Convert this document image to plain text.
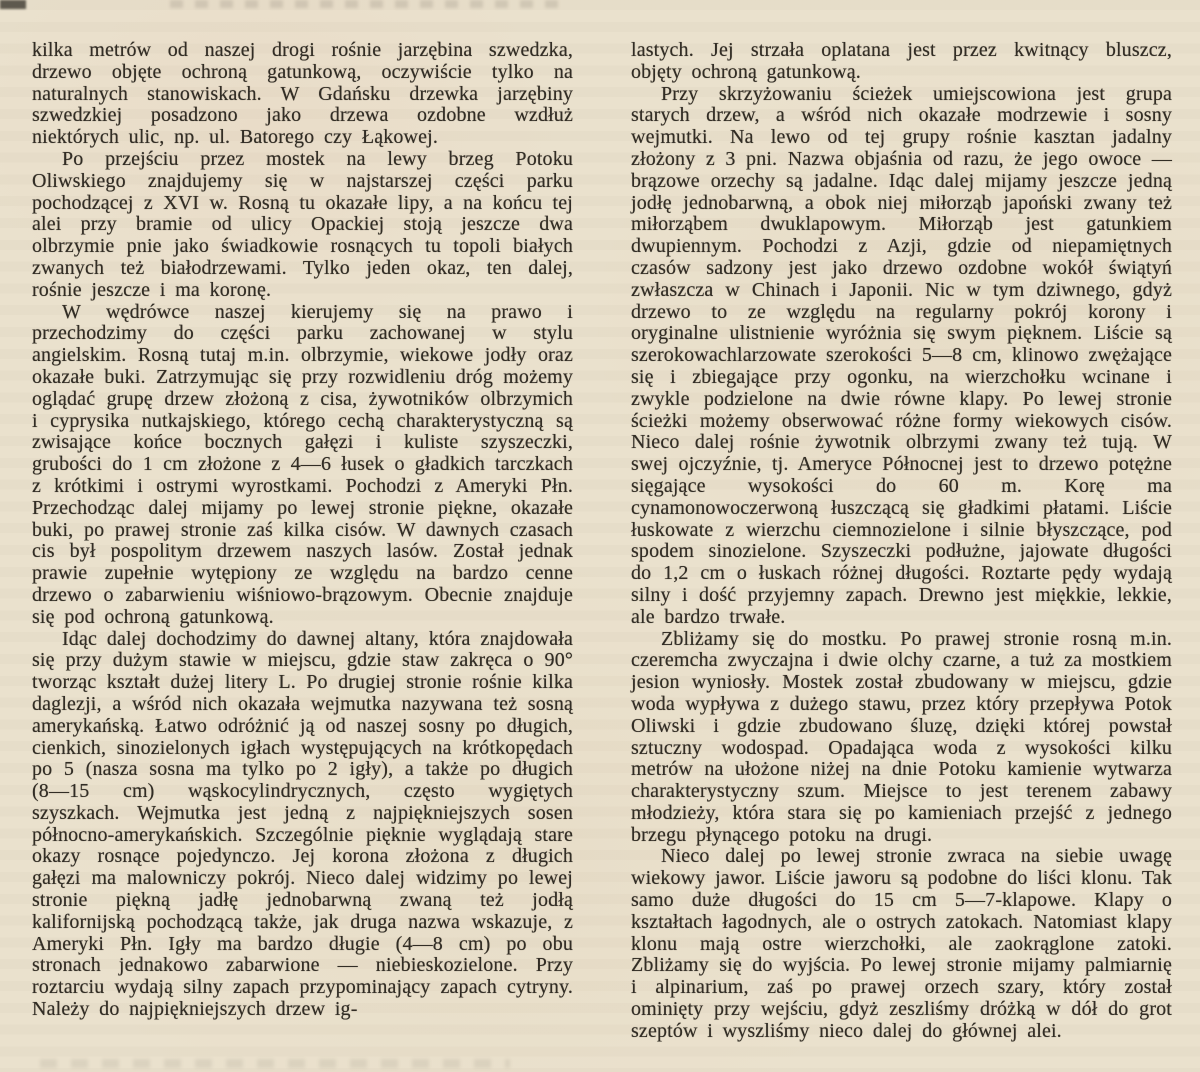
kilka metrów od naszej drogi rośnie jarzębina szwedzka, drzewo objęte ochroną gatunkową, oczywiście tylko na naturalnych stanowiskach. W Gdańsku drzewka jarzębiny szwedzkiej posadzono jako drzewa ozdobne wzdłuż niektórych ulic, np. ul. Batorego czy Łąkowej.

Po przejściu przez mostek na lewy brzeg Potoku Oliwskiego znajdujemy się w najstarszej części parku pochodzącej z XVI w. Rosną tu okazałe lipy, a na końcu tej alei przy bramie od ulicy Opackiej stoją jeszcze dwa olbrzymie pnie jako świadkowie rosnących tu topoli białych zwanych też białodrzewami. Tylko jeden okaz, ten dalej, rośnie jeszcze i ma koronę.

W wędrówce naszej kierujemy się na prawo i przechodzimy do części parku zachowanej w stylu angielskim. Rosną tutaj m.in. olbrzymie, wiekowe jodły oraz okazałe buki. Zatrzymując się przy rozwidleniu dróg możemy oglądać grupę drzew złożoną z cisa, żywotników olbrzymich i cyprysika nutkajskiego, którego cechą charakterystyczną są zwisające końce bocznych gałęzi i kuliste szyszeczki, grubości do 1 cm złożone z 4—6 łusek o gładkich tarczkach z krótkimi i ostrymi wyrostkami. Pochodzi z Ameryki Płn. Przechodząc dalej mijamy po lewej stronie piękne, okazałe buki, po prawej stronie zaś kilka cisów. W dawnych czasach cis był pospolitym drzewem naszych lasów. Został jednak prawie zupełnie wytępiony ze względu na bardzo cenne drzewo o zabarwieniu wiśniowo-brązowym. Obecnie znajduje się pod ochroną gatunkową.

Idąc dalej dochodzimy do dawnej altany, która znajdowała się przy dużym stawie w miejscu, gdzie staw zakręca o 90° tworząc kształt dużej litery L. Po drugiej stronie rośnie kilka daglezji, a wśród nich okazała wejmutka nazywana też sosną amerykańską. Łatwo odróżnić ją od naszej sosny po długich, cienkich, sinozielonych igłach występujących na krótkopędach po 5 (nasza sosna ma tylko po 2 igły), a także po długich (8—15 cm) wąskocylindrycznych, często wygiętych szyszkach. Wejmutka jest jedną z najpiękniejszych sosen północno-amerykańskich. Szczególnie pięknie wyglądają stare okazy rosnące pojedynczo. Jej korona złożona z długich gałęzi ma malowniczy pokrój. Nieco dalej widzimy po lewej stronie piękną jadłę jednobarwną zwaną też jodłą kalifornijską pochodzącą także, jak druga nazwa wskazuje, z Ameryki Płn. Igły ma bardzo długie (4—8 cm) po obu stronach jednakowo zabarwione — niebieskozielone. Przy roztarciu wydają silny zapach przypominający zapach cytryny. Należy do najpiękniejszych drzew ig-

lastych. Jej strzała oplatana jest przez kwitnący bluszcz, objęty ochroną gatunkową.

Przy skrzyżowaniu ścieżek umiejscowiona jest grupa starych drzew, a wśród nich okazałe modrzewie i sosny wejmutki. Na lewo od tej grupy rośnie kasztan jadalny złożony z 3 pni. Nazwa objaśnia od razu, że jego owoce — brązowe orzechy są jadalne. Idąc dalej mijamy jeszcze jedną jodłę jednobarwną, a obok niej miłorząb japoński zwany też miłorząbem dwuklapowym. Miłorząb jest gatunkiem dwupiennym. Pochodzi z Azji, gdzie od niepamiętnych czasów sadzony jest jako drzewo ozdobne wokół świątyń zwłaszcza w Chinach i Japonii. Nic w tym dziwnego, gdyż drzewo to ze względu na regularny pokrój korony i oryginalne ulistnienie wyróżnia się swym pięknem. Liście są szerokowachlarzowate szerokości 5—8 cm, klinowo zwężające się i zbiegające przy ogonku, na wierzchołku wcinane i zwykle podzielone na dwie równe klapy. Po lewej stronie ścieżki możemy obserwować różne formy wiekowych cisów. Nieco dalej rośnie żywotnik olbrzymi zwany też tują. W swej ojczyźnie, tj. Ameryce Północnej jest to drzewo potężne sięgające wysokości do 60 m. Korę ma cynamonowoczerwoną łuszczącą się gładkimi płatami. Liście łuskowate z wierzchu ciemnozielone i silnie błyszczące, pod spodem sinozielone. Szyszeczki podłużne, jajowate długości do 1,2 cm o łuskach różnej długości. Roztarte pędy wydają silny i dość przyjemny zapach. Drewno jest miękkie, lekkie, ale bardzo trwałe.

Zbliżamy się do mostku. Po prawej stronie rosną m.in. czeremcha zwyczajna i dwie olchy czarne, a tuż za mostkiem jesion wyniosły. Mostek został zbudowany w miejscu, gdzie woda wypływa z dużego stawu, przez który przepływa Potok Oliwski i gdzie zbudowano śluzę, dzięki której powstał sztuczny wodospad. Opadająca woda z wysokości kilku metrów na ułożone niżej na dnie Potoku kamienie wytwarza charakterystyczny szum. Miejsce to jest terenem zabawy młodzieży, która stara się po kamieniach przejść z jednego brzegu płynącego potoku na drugi.

Nieco dalej po lewej stronie zwraca na siebie uwagę wiekowy jawor. Liście jaworu są podobne do liści klonu. Tak samo duże długości do 15 cm 5—7-klapowe. Klapy o kształtach łagodnych, ale o ostrych zatokach. Natomiast klapy klonu mają ostre wierzchołki, ale zaokrąglone zatoki. Zbliżamy się do wyjścia. Po lewej stronie mijamy palmiarnię i alpinarium, zaś po prawej orzech szary, który został ominięty przy wejściu, gdyż zeszliśmy dróżką w dół do grot szeptów i wyszliśmy nieco dalej do głównej alei.
